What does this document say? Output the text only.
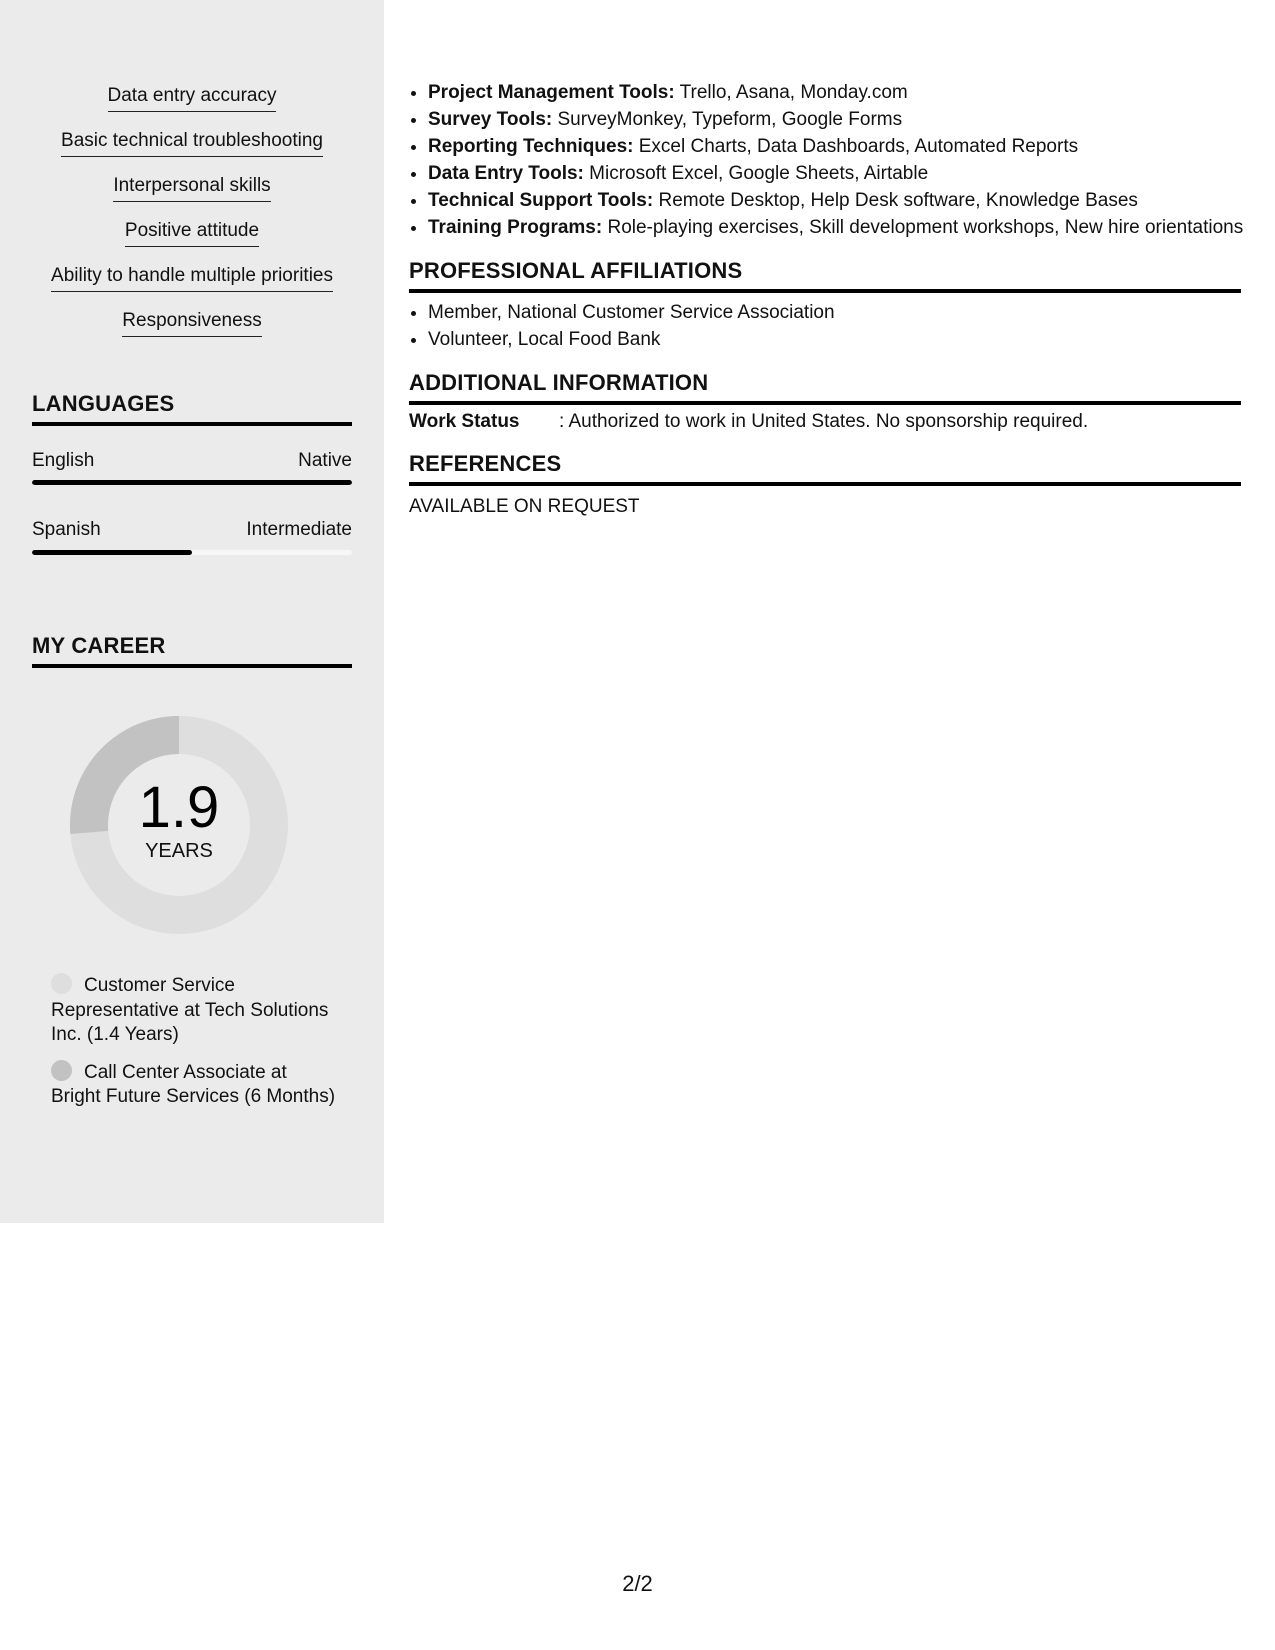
Data entry accuracy
Basic technical troubleshooting
Interpersonal skills
Positive attitude
Ability to handle multiple priorities
Responsiveness
LANGUAGES
English	Native
Spanish	Intermediate
MY CAREER
1.9
YEARS
Customer Service Representative at Tech Solutions Inc. (1.4 Years)
Call Center Associate at Bright Future Services (6 Months)
• Project Management Tools: Trello, Asana, Monday.com
• Survey Tools: SurveyMonkey, Typeform, Google Forms
• Reporting Techniques: Excel Charts, Data Dashboards, Automated Reports
• Data Entry Tools: Microsoft Excel, Google Sheets, Airtable
• Technical Support Tools: Remote Desktop, Help Desk software, Knowledge Bases
• Training Programs: Role-playing exercises, Skill development workshops, New hire orientations
PROFESSIONAL AFFILIATIONS
• Member, National Customer Service Association
• Volunteer, Local Food Bank
ADDITIONAL INFORMATION
Work Status	: Authorized to work in United States. No sponsorship required.
REFERENCES
AVAILABLE ON REQUEST
2/2
